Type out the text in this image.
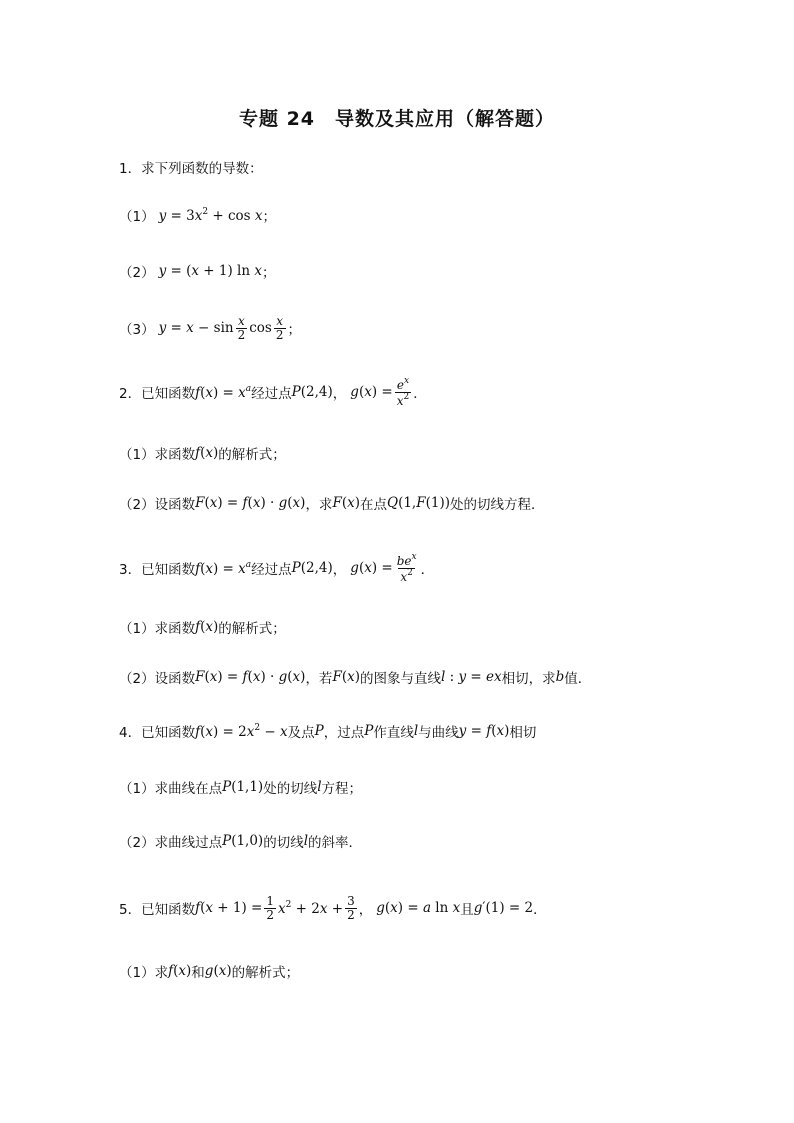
专题 24　导数及其应用（解答题）
1．求下列函数的导数：
（1） $y = 3x^2 + \cos x$ ；
（2） y = (x + 1) ln x ；
（3） $y = x - \sin \frac{x}{2}$ $\cos \frac{x}{2}$ ；
2．已知函数 $f(x) = x^a$ 经过点 P(2,4) ， $g(x) = \frac{e^x}{x^2}$ ．
（1） 求函数 f(x) 的解析式；
（2） 设函数 F(x) = f(x) · g(x) ，求 F(x) 在点 Q(1,F(1)) 处的切线方程．
3．已知函数 $f(x) = x^a$ 经过点 P(2,4) ， $g(x) = \frac{be^x}{x^2}$ ．
（1） 求函数 f(x) 的解析式；
（2） 设函数 F(x) = f(x) · g(x) ，若 F(x) 的图象与直线 l : y = ex 相切，求 b 值．
4．已知函数 $f(x) = 2x^2 - x$ 及点 P ，过点 P 作直线 l 与曲线 y = f(x) 相切
（1） 求曲线在点 P(1,1) 处的切线 l 方程；
（2） 求曲线过点 P(1,0) 的切线 l 的斜率．
5．已知函数 $f(x + 1) = \frac{1}{2} x^2 + 2x + \frac{3}{2}$ ， g(x) = a ln x 且 g′(1) = 2 ．
（1） 求 f(x) 和 g(x) 的解析式；
